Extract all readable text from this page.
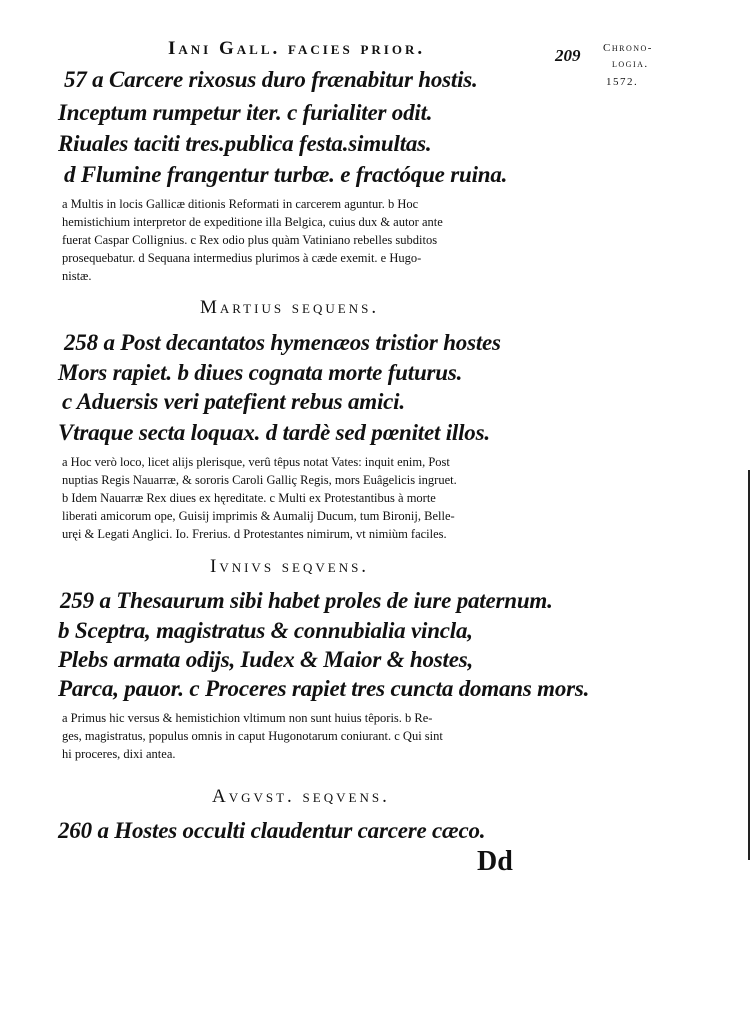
Iani Gall. facies prior.	209 Chrono-
logia.
1572.
57 a Carcere rixosus duro frænabitur hostis.
Inceptum rumpetur iter. c furialiter odit.
Riuales taciti tres.publica festa.simultas.
d Flumine frangentur turbæ. e fractóque ruina.
a Multis in locis Gallicæ ditionis Reformati in carcerem aguntur. b Hoc
hemistichium interpretor de expeditione illa Belgica, cuius dux & autor ante
fuerat Caspar Collignius. c Rex odio plus quàm Vatiniano rebelles subditos
prosequebatur. d Sequana intermedius plurimos à cæde exemit. e Hugo-
nistæ.
Martius sequens.
258 a Post decantatos hymenæos tristior hostes
Mors rapiet. b diues cognata morte futurus.
c Aduersis veri patefient rebus amici.
Vtraque secta loquax. d tardè sed pœnitet illos.
a Hoc verò loco, licet alijs plerisque, verû têpus notat Vates: inquit enim, Post
nuptias Regis Nauarræ, & sororis Caroli Galliç Regis, mors Euâgelicis ingruet.
b Idem Nauarræ Rex diues ex hęreditate. c Multi ex Protestantibus à morte
liberati amicorum ope, Guisij imprimis & Aumalij Ducum, tum Bironij, Belle-
uręi & Legati Anglici. Io. Frerius. d Protestantes nimirum, vt nimiùm faciles.
Ivnivs seqvens.
259 a Thesaurum sibi habet proles de iure paternum.
b Sceptra, magistratus & connubialia vincla,
Plebs armata odijs, Iudex & Maior & hostes,
Parca, pauor. c Proceres rapiet tres cuncta domans mors.
a Primus hic versus & hemistichion vltimum non sunt huius têporis. b Re-
ges, magistratus, populus omnis in caput Hugonotarum coniurant. c Qui sint
hi proceres, dixi antea.
Avgvst. seqvens.
260 a Hostes occulti claudentur carcere cæco.
Dd
